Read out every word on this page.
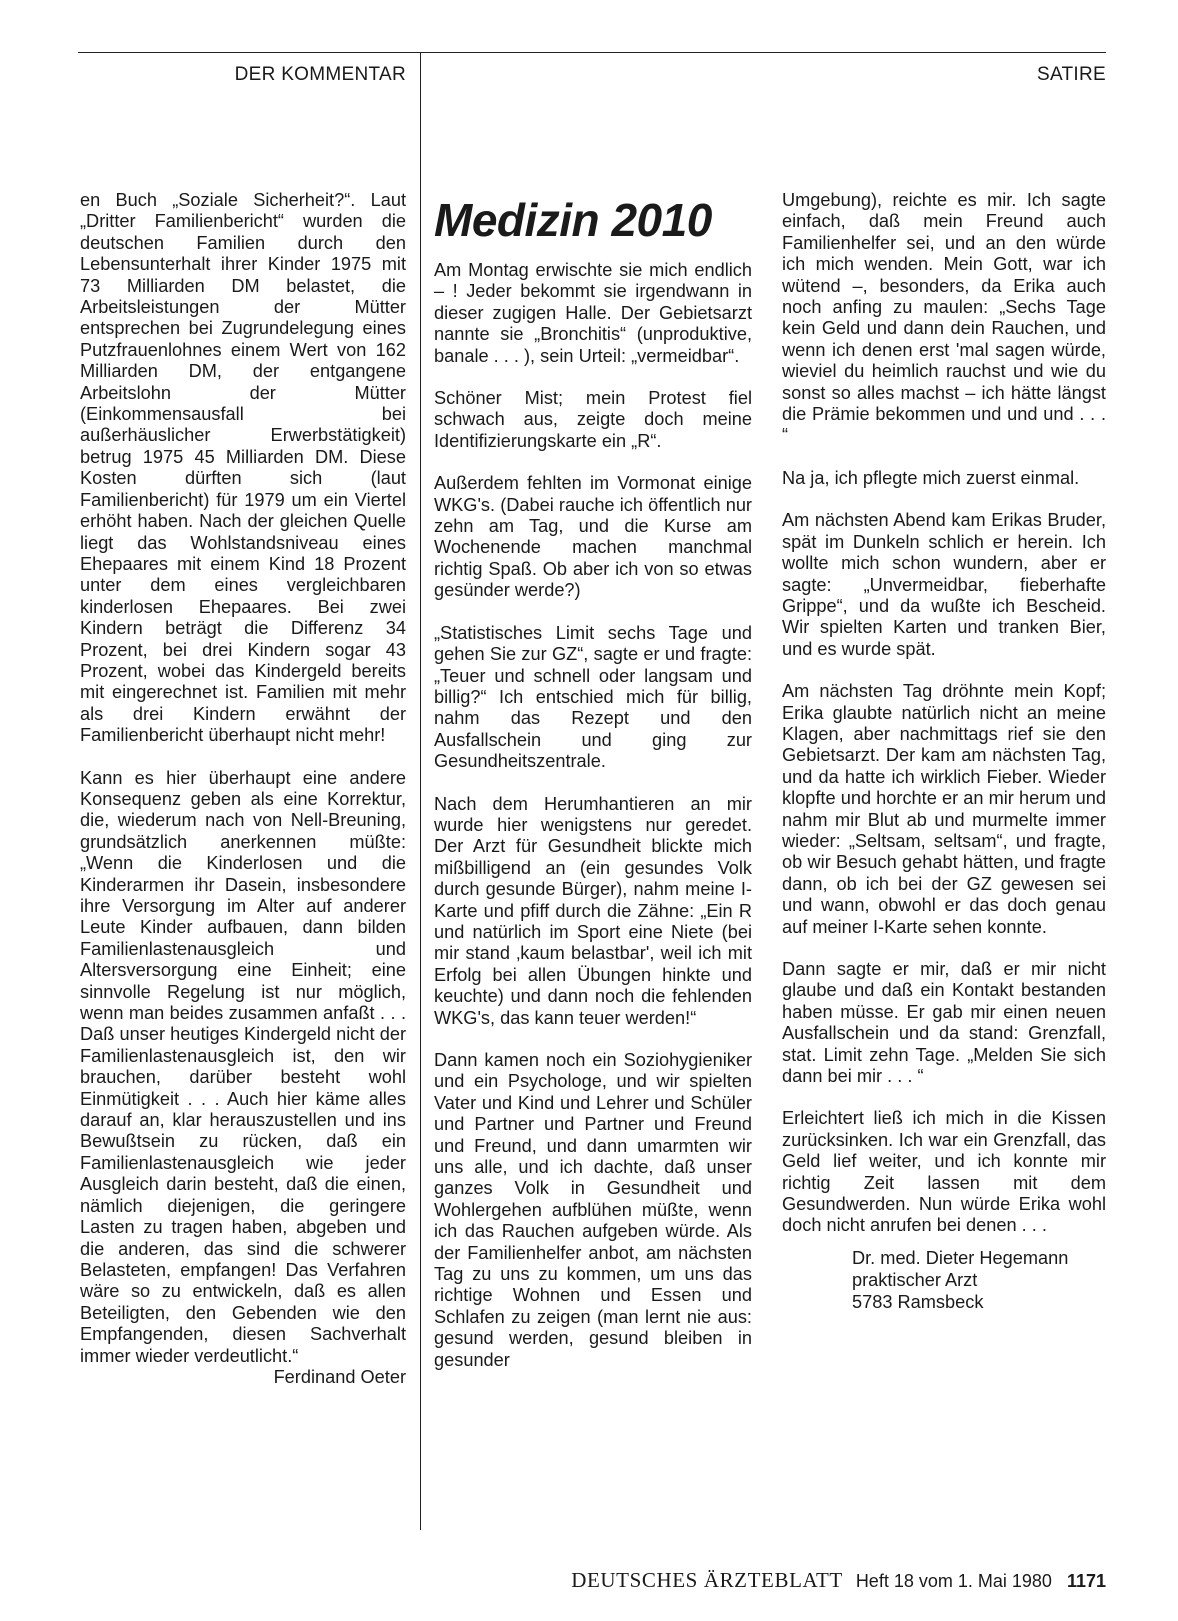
DER KOMMENTAR	SATIRE

en Buch „Soziale Sicherheit?“. Laut „Dritter Familienbericht“ wurden die deutschen Familien durch den Lebensunterhalt ihrer Kinder 1975 mit 73 Milliarden DM belastet, die Arbeitsleistungen der Mütter entsprechen bei Zugrundelegung eines Putzfrauenlohnes einem Wert von 162 Milliarden DM, der entgangene Arbeitslohn der Mütter (Einkommensausfall bei außerhäuslicher Erwerbstätigkeit) betrug 1975 45 Milliarden DM. Diese Kosten dürften sich (laut Familienbericht) für 1979 um ein Viertel erhöht haben. Nach der gleichen Quelle liegt das Wohlstandsniveau eines Ehepaares mit einem Kind 18 Prozent unter dem eines vergleichbaren kinderlosen Ehepaares. Bei zwei Kindern beträgt die Differenz 34 Prozent, bei drei Kindern sogar 43 Prozent, wobei das Kindergeld bereits mit eingerechnet ist. Familien mit mehr als drei Kindern erwähnt der Familienbericht überhaupt nicht mehr!

Kann es hier überhaupt eine andere Konsequenz geben als eine Korrektur, die, wiederum nach von Nell-Breuning, grundsätzlich anerkennen müßte: „Wenn die Kinderlosen und die Kinderarmen ihr Dasein, insbesondere ihre Versorgung im Alter auf anderer Leute Kinder aufbauen, dann bilden Familienlastenausgleich und Altersversorgung eine Einheit; eine sinnvolle Regelung ist nur möglich, wenn man beides zusammen anfaßt . . . Daß unser heutiges Kindergeld nicht der Familienlastenausgleich ist, den wir brauchen, darüber besteht wohl Einmütigkeit . . . Auch hier käme alles darauf an, klar herauszustellen und ins Bewußtsein zu rücken, daß ein Familienlastenausgleich wie jeder Ausgleich darin besteht, daß die einen, nämlich diejenigen, die geringere Lasten zu tragen haben, abgeben und die anderen, das sind die schwerer Belasteten, empfangen! Das Verfahren wäre so zu entwickeln, daß es allen Beteiligten, den Gebenden wie den Empfangenden, diesen Sachverhalt immer wieder verdeutlicht.“

Ferdinand Oeter

Medizin 2010

Am Montag erwischte sie mich endlich – ! Jeder bekommt sie irgendwann in dieser zugigen Halle. Der Gebietsarzt nannte sie „Bronchitis“ (unproduktive, banale . . . ), sein Urteil: „vermeidbar“.

Schöner Mist; mein Protest fiel schwach aus, zeigte doch meine Identifizierungskarte ein „R“.

Außerdem fehlten im Vormonat einige WKG's. (Dabei rauche ich öffentlich nur zehn am Tag, und die Kurse am Wochenende machen manchmal richtig Spaß. Ob aber ich von so etwas gesünder werde?)

„Statistisches Limit sechs Tage und gehen Sie zur GZ“, sagte er und fragte: „Teuer und schnell oder langsam und billig?“ Ich entschied mich für billig, nahm das Rezept und den Ausfallschein und ging zur Gesundheitszentrale.

Nach dem Herumhantieren an mir wurde hier wenigstens nur geredet. Der Arzt für Gesundheit blickte mich mißbilligend an (ein gesundes Volk durch gesunde Bürger), nahm meine I-Karte und pfiff durch die Zähne: „Ein R und natürlich im Sport eine Niete (bei mir stand ‚kaum belastbar', weil ich mit Erfolg bei allen Übungen hinkte und keuchte) und dann noch die fehlenden WKG's, das kann teuer werden!“

Dann kamen noch ein Soziohygieniker und ein Psychologe, und wir spielten Vater und Kind und Lehrer und Schüler und Partner und Partner und Freund und Freund, und dann umarmten wir uns alle, und ich dachte, daß unser ganzes Volk in Gesundheit und Wohlergehen aufblühen müßte, wenn ich das Rauchen aufgeben würde. Als der Familienhelfer anbot, am nächsten Tag zu uns zu kommen, um uns das richtige Wohnen und Essen und Schlafen zu zeigen (man lernt nie aus: gesund werden, gesund bleiben in gesunder

Umgebung), reichte es mir. Ich sagte einfach, daß mein Freund auch Familienhelfer sei, und an den würde ich mich wenden. Mein Gott, war ich wütend –, besonders, da Erika auch noch anfing zu maulen: „Sechs Tage kein Geld und dann dein Rauchen, und wenn ich denen erst 'mal sagen würde, wieviel du heimlich rauchst und wie du sonst so alles machst – ich hätte längst die Prämie bekommen und und und . . . “

Na ja, ich pflegte mich zuerst einmal.

Am nächsten Abend kam Erikas Bruder, spät im Dunkeln schlich er herein. Ich wollte mich schon wundern, aber er sagte: „Unvermeidbar, fieberhafte Grippe“, und da wußte ich Bescheid. Wir spielten Karten und tranken Bier, und es wurde spät.

Am nächsten Tag dröhnte mein Kopf; Erika glaubte natürlich nicht an meine Klagen, aber nachmittags rief sie den Gebietsarzt. Der kam am nächsten Tag, und da hatte ich wirklich Fieber. Wieder klopfte und horchte er an mir herum und nahm mir Blut ab und murmelte immer wieder: „Seltsam, seltsam“, und fragte, ob wir Besuch gehabt hätten, und fragte dann, ob ich bei der GZ gewesen sei und wann, obwohl er das doch genau auf meiner I-Karte sehen konnte.

Dann sagte er mir, daß er mir nicht glaube und daß ein Kontakt bestanden haben müsse. Er gab mir einen neuen Ausfallschein und da stand: Grenzfall, stat. Limit zehn Tage. „Melden Sie sich dann bei mir . . . “

Erleichtert ließ ich mich in die Kissen zurücksinken. Ich war ein Grenzfall, das Geld lief weiter, und ich konnte mir richtig Zeit lassen mit dem Gesundwerden. Nun würde Erika wohl doch nicht anrufen bei denen . . .

Dr. med. Dieter Hegemann
praktischer Arzt
5783 Ramsbeck
DEUTSCHES ÄRZTEBLATT Heft 18 vom 1. Mai 1980 1171
